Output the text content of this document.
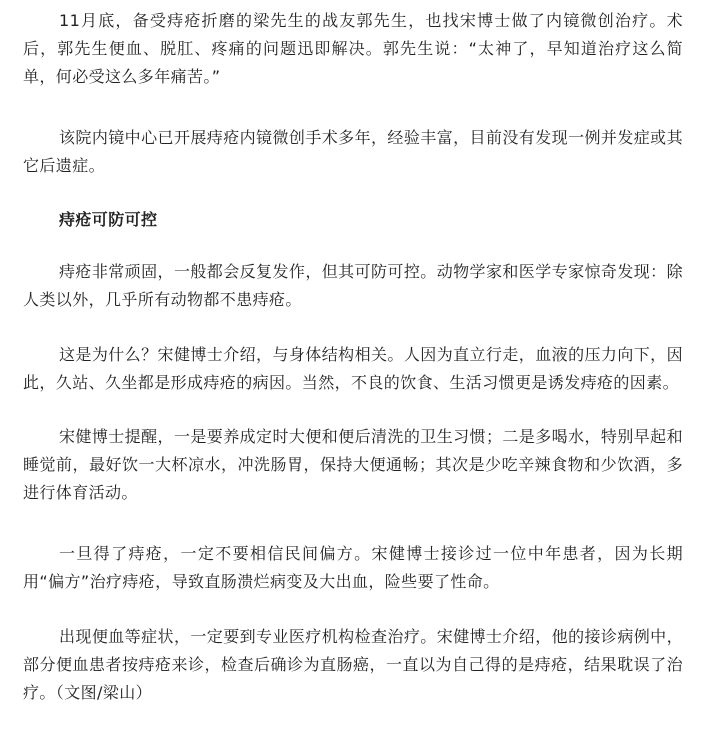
11月底，备受痔疮折磨的梁先生的战友郭先生，也找宋博士做了内镜微创治疗。术后，郭先生便血、脱肛、疼痛的问题迅即解决。郭先生说：“太神了，早知道治疗这么简单，何必受这么多年痛苦。”

该院内镜中心已开展痔疮内镜微创手术多年，经验丰富，目前没有发现一例并发症或其它后遗症。

痔疮可防可控

痔疮非常顽固，一般都会反复发作，但其可防可控。动物学家和医学专家惊奇发现：除人类以外，几乎所有动物都不患痔疮。

这是为什么？宋健博士介绍，与身体结构相关。人因为直立行走，血液的压力向下，因此，久站、久坐都是形成痔疮的病因。当然，不良的饮食、生活习惯更是诱发痔疮的因素。

宋健博士提醒，一是要养成定时大便和便后清洗的卫生习惯；二是多喝水，特别早起和睡觉前，最好饮一大杯凉水，冲洗肠胃，保持大便通畅；其次是少吃辛辣食物和少饮酒，多进行体育活动。

一旦得了痔疮，一定不要相信民间偏方。宋健博士接诊过一位中年患者，因为长期用“偏方”治疗痔疮，导致直肠溃烂病变及大出血，险些要了性命。

出现便血等症状，一定要到专业医疗机构检查治疗。宋健博士介绍，他的接诊病例中，部分便血患者按痔疮来诊，检查后确诊为直肠癌，一直以为自己得的是痔疮，结果耽误了治疗。（文图/梁山）
